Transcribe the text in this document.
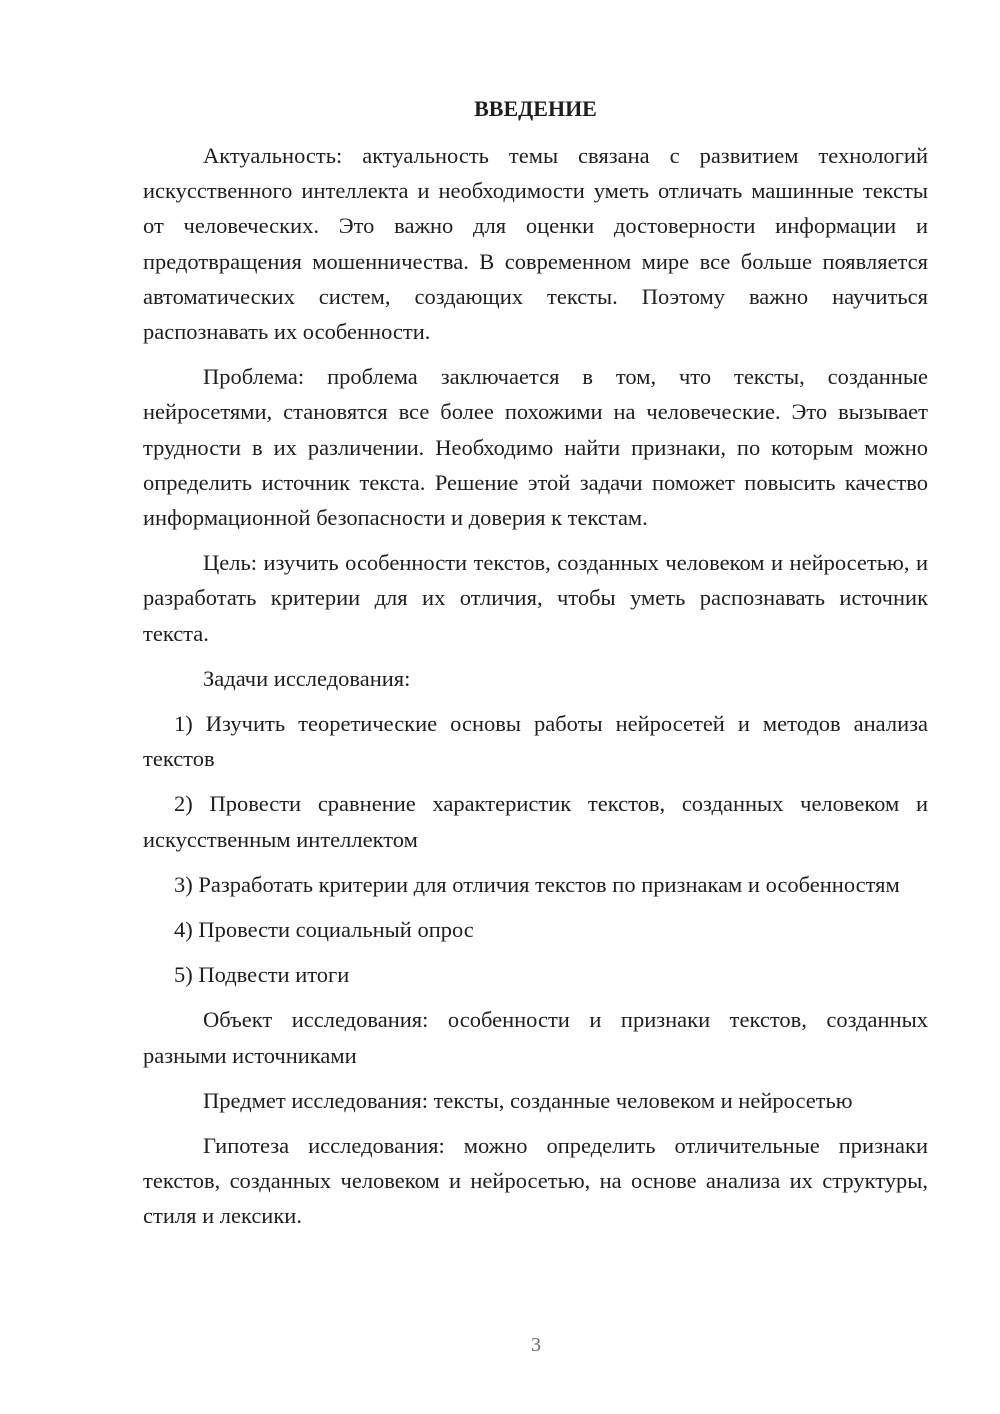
ВВЕДЕНИЕ
Актуальность: актуальность темы связана с развитием технологий искусственного интеллекта и необходимости уметь отличать машинные тексты от человеческих. Это важно для оценки достоверности информации и предотвращения мошенничества. В современном мире все больше появляется автоматических систем, создающих тексты. Поэтому важно научиться распознавать их особенности.
Проблема: проблема заключается в том, что тексты, созданные нейросетями, становятся все более похожими на человеческие. Это вызывает трудности в их различении. Необходимо найти признаки, по которым можно определить источник текста. Решение этой задачи поможет повысить качество информационной безопасности и доверия к текстам.
Цель: изучить особенности текстов, созданных человеком и нейросетью, и разработать критерии для их отличия, чтобы уметь распознавать источник текста.
Задачи исследования:
1) Изучить теоретические основы работы нейросетей и методов анализа текстов
2) Провести сравнение характеристик текстов, созданных человеком и искусственным интеллектом
3) Разработать критерии для отличия текстов по признакам и особенностям
4) Провести социальный опрос
5) Подвести итоги
Объект исследования: особенности и признаки текстов, созданных разными источниками
Предмет исследования: тексты, созданные человеком и нейросетью
Гипотеза исследования: можно определить отличительные признаки текстов, созданных человеком и нейросетью, на основе анализа их структуры, стиля и лексики.
3
